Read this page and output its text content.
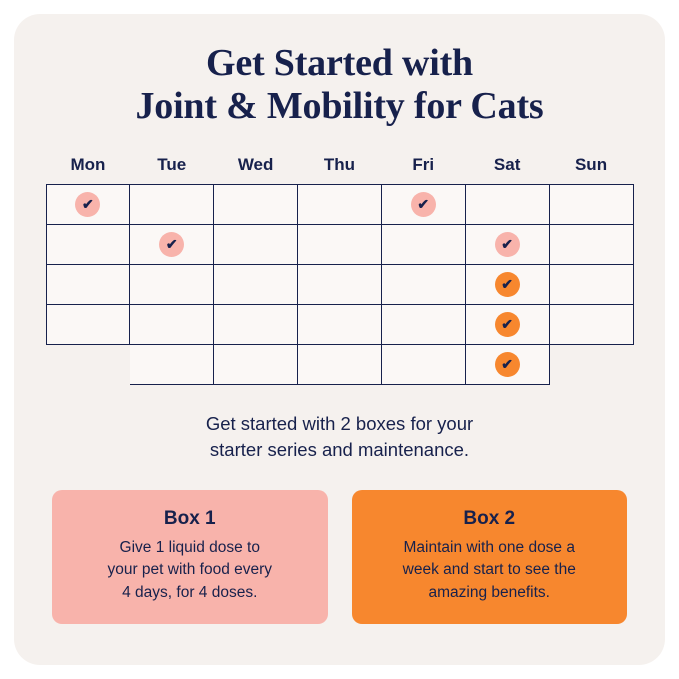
Get Started with
Joint & Mobility for Cats
Mon	Tue	Wed	Thu	Fri	Sat	Sun
✔				✔		
	✔				✔	
					✔	
					✔	
					✔	
Get started with 2 boxes for your
starter series and maintenance.
Box 1
Give 1 liquid dose to
your pet with food every
4 days, for 4 doses.
Box 2
Maintain with one dose a
week and start to see the
amazing benefits.
